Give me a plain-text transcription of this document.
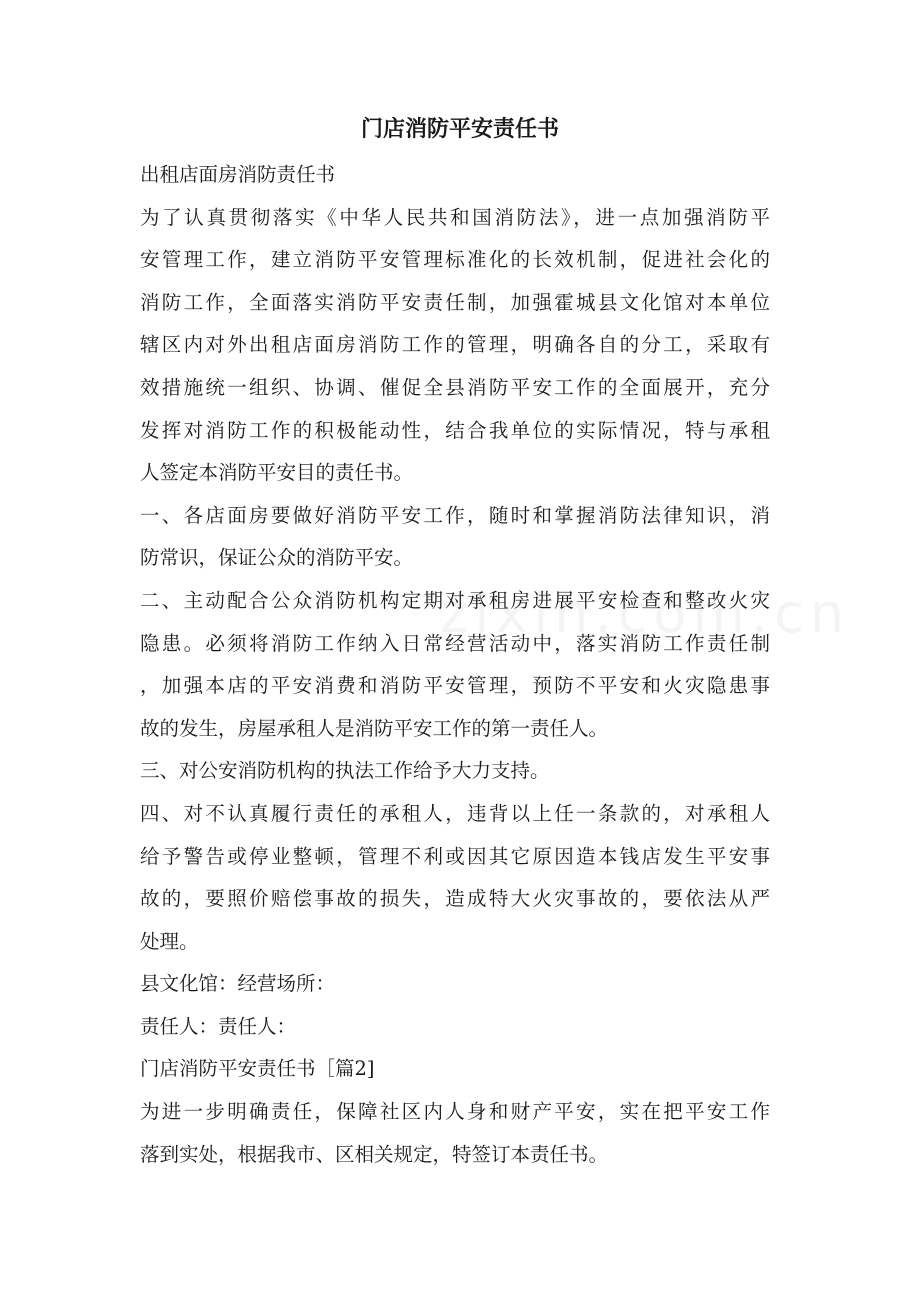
门店消防平安责任书
出租店面房消防责任书
为了认真贯彻落实《中华人民共和国消防法》，进一点加强消防平
安管理工作，建立消防平安管理标准化的长效机制，促进社会化的
消防工作，全面落实消防平安责任制，加强霍城县文化馆对本单位
辖区内对外出租店面房消防工作的管理，明确各自的分工，采取有
效措施统一组织、协调、催促全县消防平安工作的全面展开，充分
发挥对消防工作的积极能动性，结合我单位的实际情况，特与承租
人签定本消防平安目的责任书。
一、各店面房要做好消防平安工作，随时和掌握消防法律知识，消
防常识，保证公众的消防平安。
二、主动配合公众消防机构定期对承租房进展平安检查和整改火灾
隐患。必须将消防工作纳入日常经营活动中，落实消防工作责任制
，加强本店的平安消费和消防平安管理，预防不平安和火灾隐患事
故的发生，房屋承租人是消防平安工作的第一责任人。
三、对公安消防机构的执法工作给予大力支持。
四、对不认真履行责任的承租人，违背以上任一条款的，对承租人
给予警告或停业整顿，管理不利或因其它原因造本钱店发生平安事
故的，要照价赔偿事故的损失，造成特大火灾事故的，要依法从严
处理。
县文化馆：经营场所：
责任人：责任人：
门店消防平安责任书［篇2]
为进一步明确责任，保障社区内人身和财产平安，实在把平安工作
落到实处，根据我市、区相关规定，特签订本责任书。
